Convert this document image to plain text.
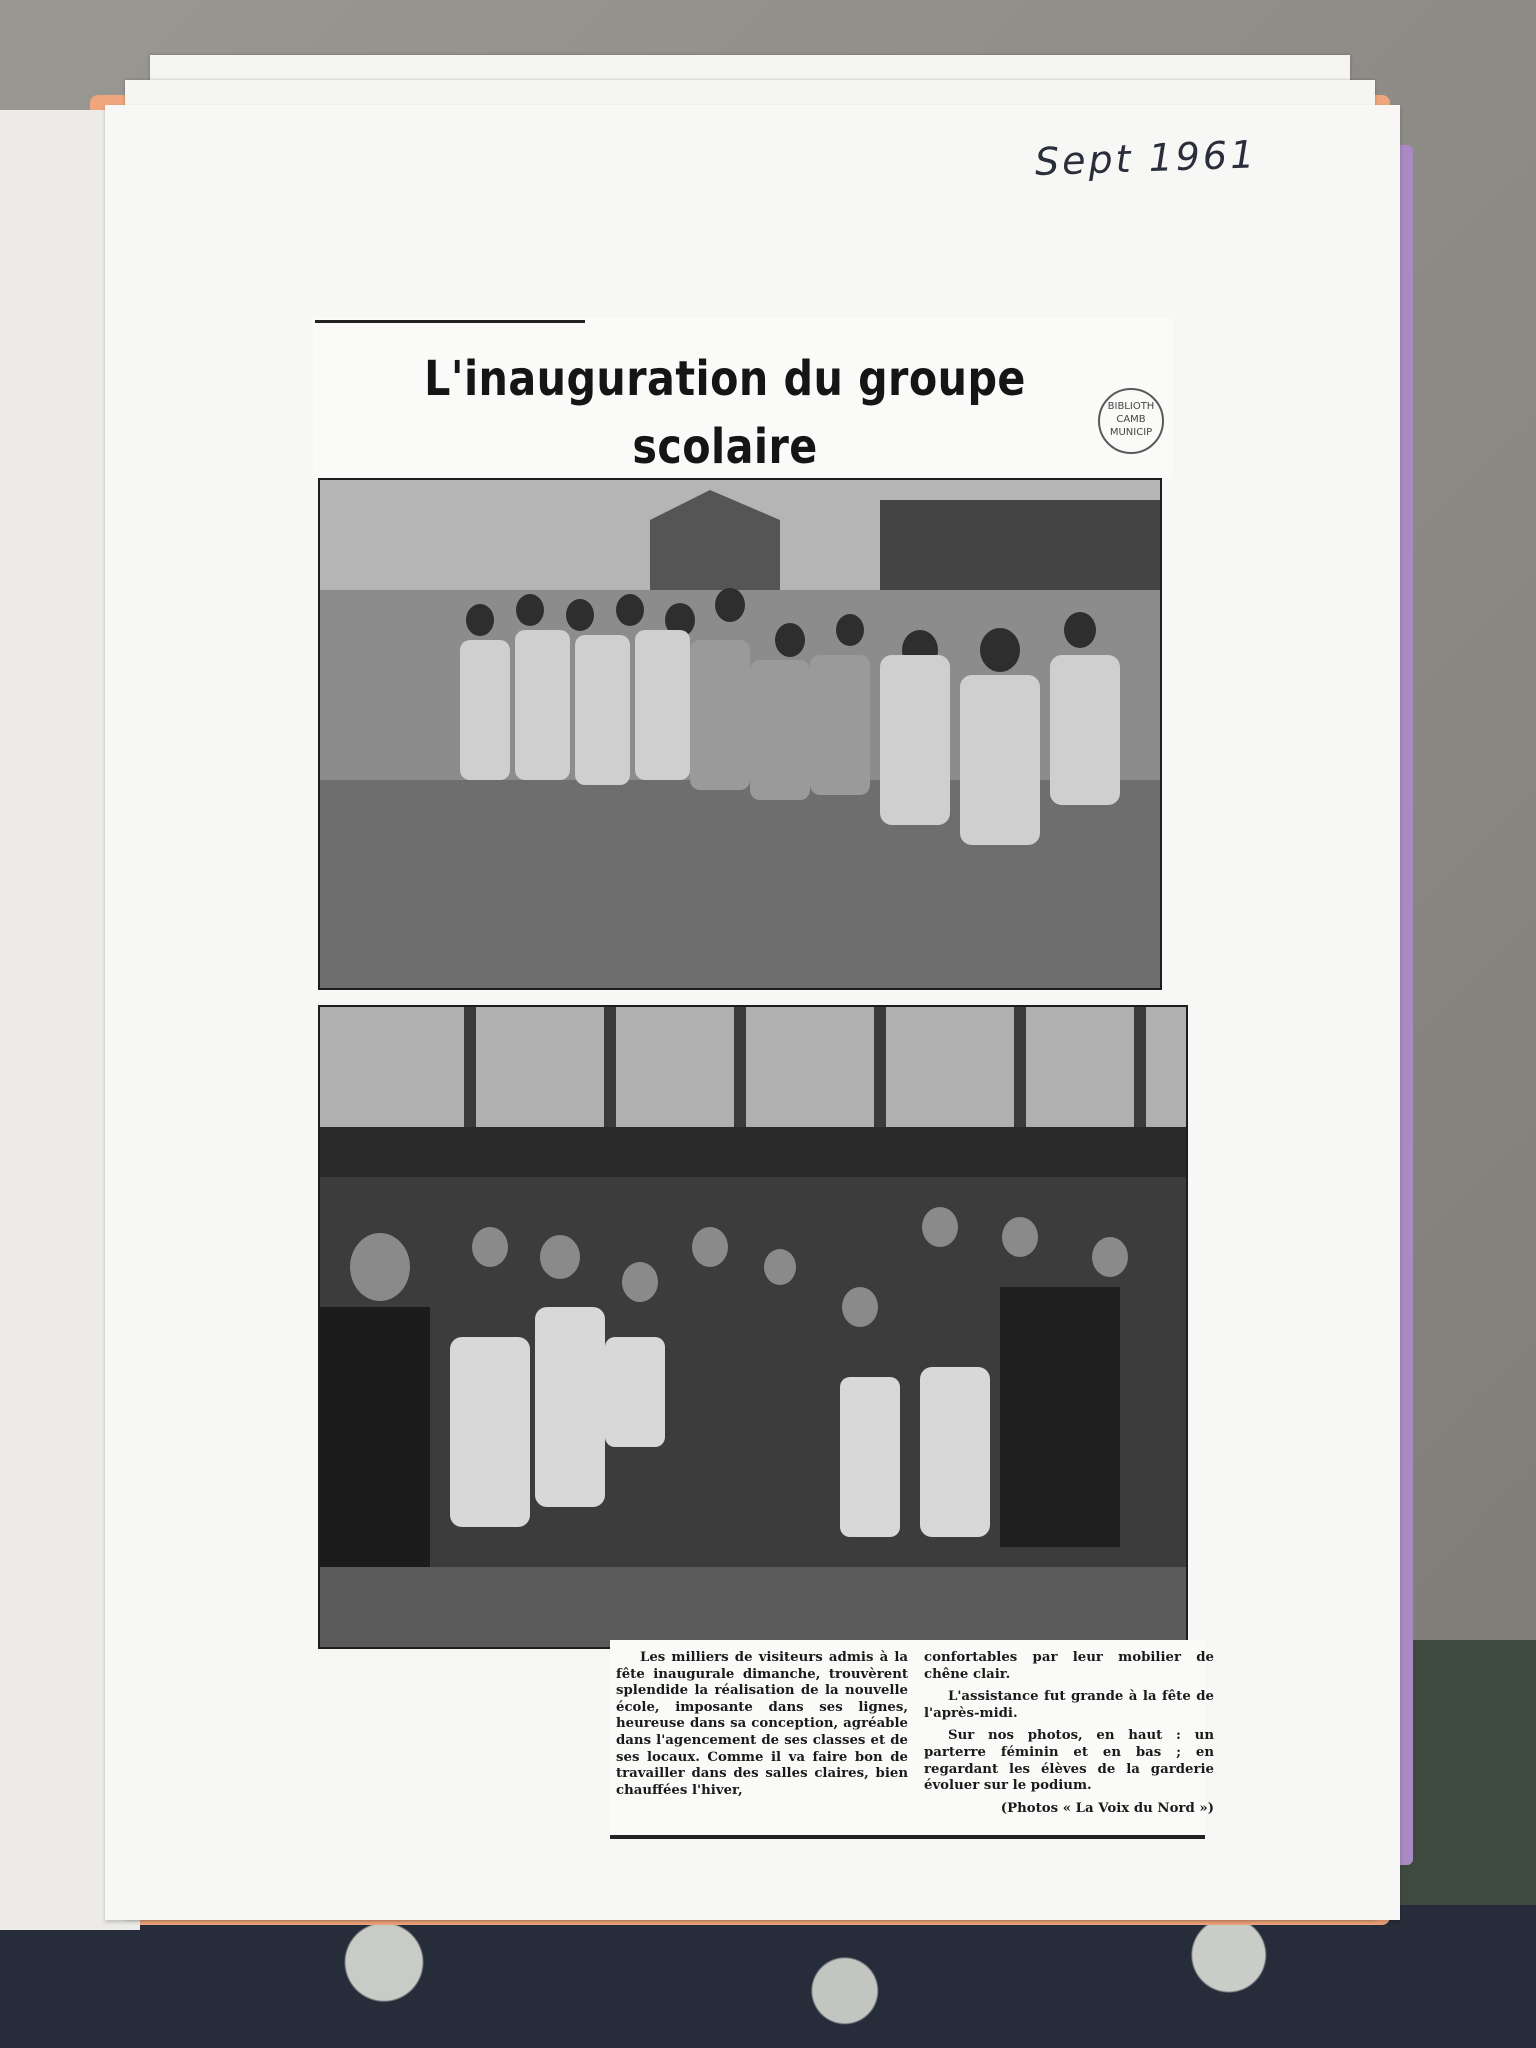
Sept 1961
L'inauguration du groupe scolaire
BIBLIOTH
CAMB
MUNICIP

Les milliers de visiteurs admis à la fête inaugurale dimanche, trouvèrent splendide la réalisation de la nouvelle école, imposante dans ses lignes, heureuse dans sa conception, agréable dans l'agencement de ses classes et de ses locaux. Comme il va faire bon de travailler dans des salles claires, bien chauffées l'hiver,

confortables par leur mobilier de chêne clair.

L'assistance fut grande à la fête de l'après-midi.

Sur nos photos, en haut : un parterre féminin et en bas ; en regardant les élèves de la garderie évoluer sur le podium.

(Photos « La Voix du Nord »)
